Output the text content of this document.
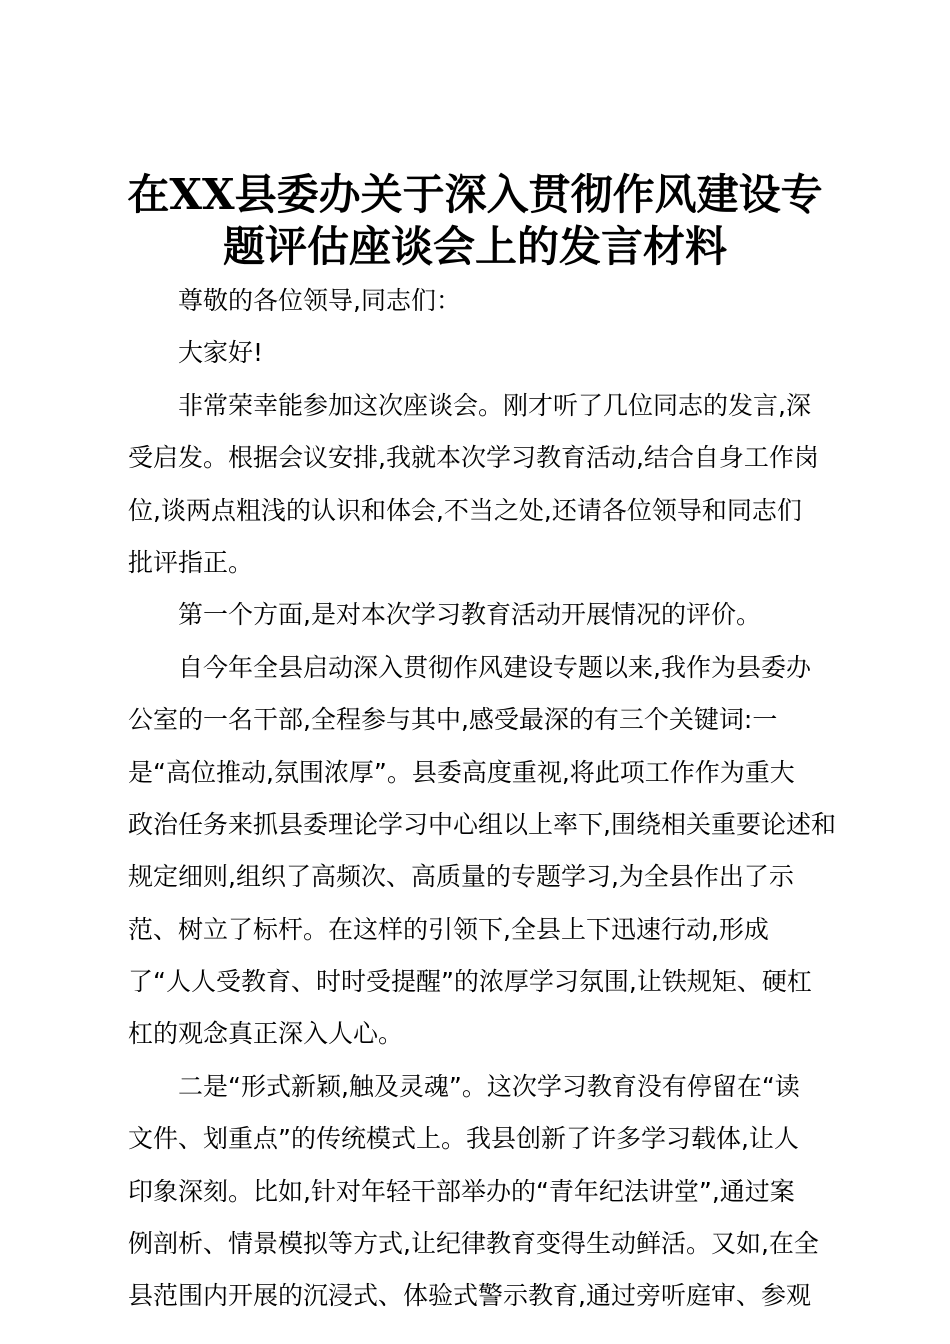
在XX县委办关于深入贯彻作风建设专
题评估座谈会上的发言材料
尊敬的各位领导,同志们：
大家好!
非常荣幸能参加这次座谈会。刚才听了几位同志的发言,深
受启发。根据会议安排,我就本次学习教育活动,结合自身工作岗
位,谈两点粗浅的认识和体会,不当之处,还请各位领导和同志们
批评指正。
第一个方面,是对本次学习教育活动开展情况的评价。
自今年全县启动深入贯彻作风建设专题以来,我作为县委办
公室的一名干部,全程参与其中,感受最深的有三个关键词:一
是“高位推动,氛围浓厚”。县委高度重视,将此项工作作为重大
政治任务来抓县委理论学习中心组以上率下,围绕相关重要论述和
规定细则,组织了高频次、高质量的专题学习,为全县作出了示
范、树立了标杆。在这样的引领下,全县上下迅速行动,形成
了“人人受教育、时时受提醒”的浓厚学习氛围,让铁规矩、硬杠
杠的观念真正深入人心。
二是“形式新颖,触及灵魂”。这次学习教育没有停留在“读
文件、划重点”的传统模式上。我县创新了许多学习载体,让人
印象深刻。比如,针对年轻干部举办的“青年纪法讲堂”,通过案
例剖析、情景模拟等方式,让纪律教育变得生动鲜活。又如,在全
县范围内开展的沉浸式、体验式警示教育,通过旁听庭审、参观
